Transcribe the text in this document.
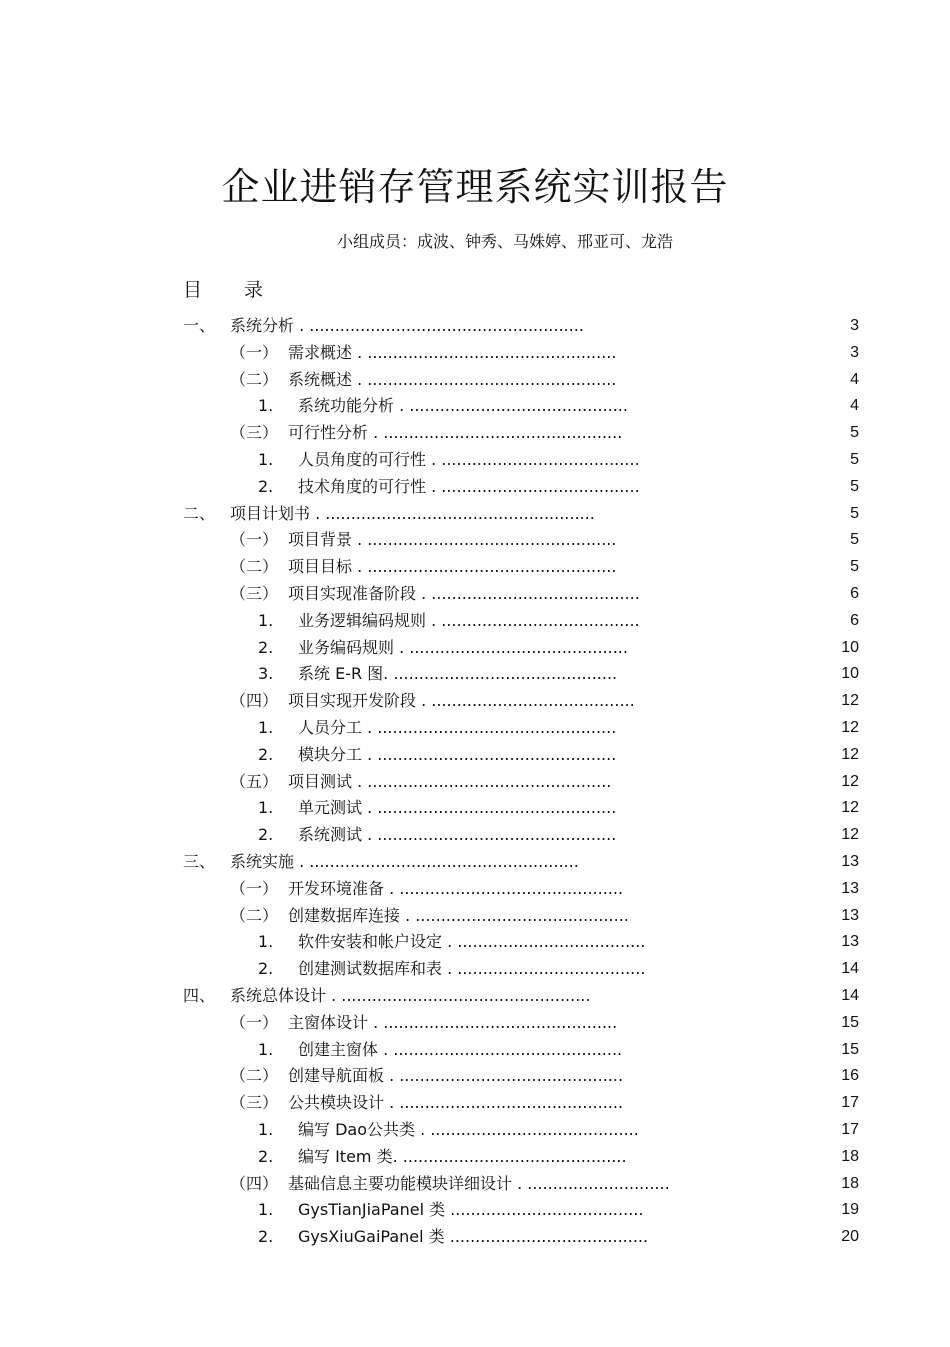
企业进销存管理系统实训报告
小组成员：成波、钟秀、马姝婷、邢亚可、龙浩
目 录
一、 系统分析 . ......................................................	3
（一） 需求概述 . .................................................	3
（二） 系统概述 . .................................................	4
1. 系统功能分析 . ...........................................	4
（三） 可行性分析 . ...............................................	5
1. 人员角度的可行性 . .......................................	5
2. 技术角度的可行性 . .......................................	5
二、 项目计划书 . .....................................................	5
（一） 项目背景 . .................................................	5
（二） 项目目标 . .................................................	5
（三） 项目实现准备阶段 . .........................................	6
1. 业务逻辑编码规则 . .......................................	6
2. 业务编码规则 . ...........................................	10
3. 系统 E-R 图. ............................................	10
（四） 项目实现开发阶段 . ........................................	12
1. 人员分工 . ...............................................	12
2. 模块分工 . ...............................................	12
（五） 项目测试 . ................................................	12
1. 单元测试 . ...............................................	12
2. 系统测试 . ...............................................	12
三、 系统实施 . .....................................................	13
（一） 开发环境准备 . ............................................	13
（二） 创建数据库连接 . ..........................................	13
1. 软件安装和帐户设定 . .....................................	13
2. 创建测试数据库和表 . .....................................	14
四、 系统总体设计 . .................................................	14
（一） 主窗体设计 . ..............................................	15
1. 创建主窗体 . .............................................	15
（二） 创建导航面板 . ............................................	16
（三） 公共模块设计 . ............................................	17
1. 编写 Dao公共类 . .........................................	17
2. 编写 Item 类. ............................................	18
（四） 基础信息主要功能模块详细设计 . ............................	18
1. GysTianJiaPanel 类 ......................................	19
2. GysXiuGaiPanel 类 .......................................	20
